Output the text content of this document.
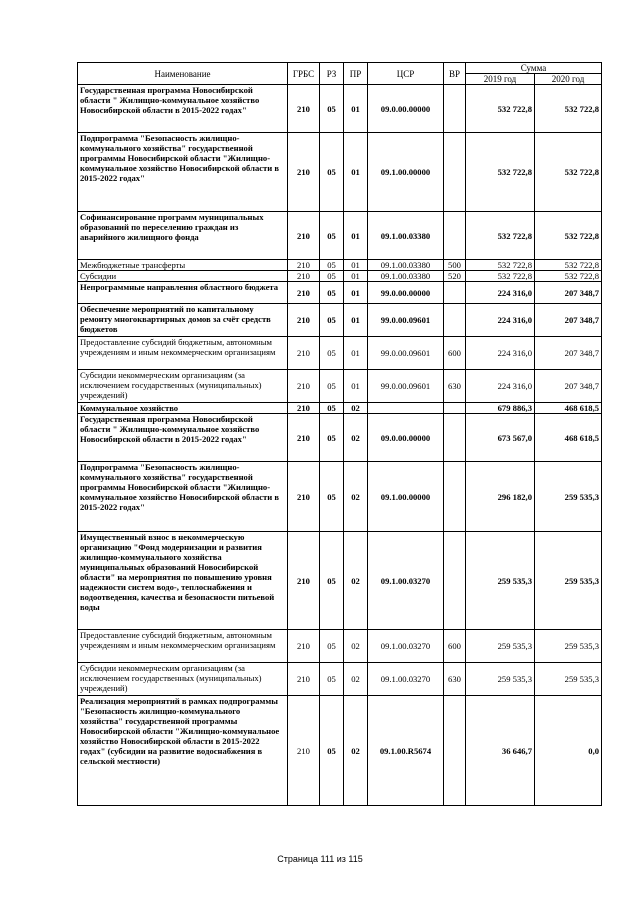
Наименование	ГРБС	РЗ	ПР	ЦСР	ВР	Сумма	
						2019 год	2020 год
Государственная программа Новосибирской области " Жилищно-коммунальное хозяйство Новосибирской области в 2015-2022 годах"	210	05	01	09.0.00.00000		532 722,8	532 722,8
Подпрограмма "Безопасность жилищно-коммунального хозяйства" государственной программы Новосибирской области "Жилищно-коммунальное хозяйство Новосибирской области в 2015-2022 годах"	210	05	01	09.1.00.00000		532 722,8	532 722,8
Софинансирование программ муниципальных образований по переселению граждан из аварийного жилищного фонда	210	05	01	09.1.00.03380		532 722,8	532 722,8
Межбюджетные трансферты	210	05	01	09.1.00.03380	500	532 722,8	532 722,8
Субсидии	210	05	01	09.1.00.03380	520	532 722,8	532 722,8
Непрограммные направления областного бюджета	210	05	01	99.0.00.00000		224 316,0	207 348,7
Обеспечение мероприятий по капитальному ремонту многоквартирных домов за счёт средств бюджетов	210	05	01	99.0.00.09601		224 316,0	207 348,7
Предоставление субсидий бюджетным, автономным учреждениям и иным некоммерческим организациям	210	05	01	99.0.00.09601	600	224 316,0	207 348,7
Субсидии некоммерческим организациям (за исключением государственных (муниципальных) учреждений)	210	05	01	99.0.00.09601	630	224 316,0	207 348,7
Коммунальное хозяйство	210	05	02			679 886,3	468 618,5
Государственная программа Новосибирской области " Жилищно-коммунальное хозяйство Новосибирской области в 2015-2022 годах"	210	05	02	09.0.00.00000		673 567,0	468 618,5
Подпрограмма "Безопасность жилищно-коммунального хозяйства" государственной программы Новосибирской области "Жилищно-коммунальное хозяйство Новосибирской области в 2015-2022 годах"	210	05	02	09.1.00.00000		296 182,0	259 535,3
Имущественный взнос в некоммерческую организацию "Фонд модернизации и развития жилищно-коммунального хозяйства муниципальных образований Новосибирской области" на мероприятия по повышению уровня надежности систем водо-, теплоснабжения и водоотведения, качества и безопасности питьевой воды	210	05	02	09.1.00.03270		259 535,3	259 535,3
Предоставление субсидий бюджетным, автономным учреждениям и иным некоммерческим организациям	210	05	02	09.1.00.03270	600	259 535,3	259 535,3
Субсидии некоммерческим организациям (за исключением государственных (муниципальных) учреждений)	210	05	02	09.1.00.03270	630	259 535,3	259 535,3
Реализация мероприятий в рамках подпрограммы "Безопасность жилищно-коммунального хозяйства" государственной программы Новосибирской области "Жилищно-коммунальное хозяйство Новосибирской области в 2015-2022 годах" (субсидии на развитие водоснабжения в сельской местности)	210	05	02	09.1.00.R5674		36 646,7	0,0
Страница 111 из 115
